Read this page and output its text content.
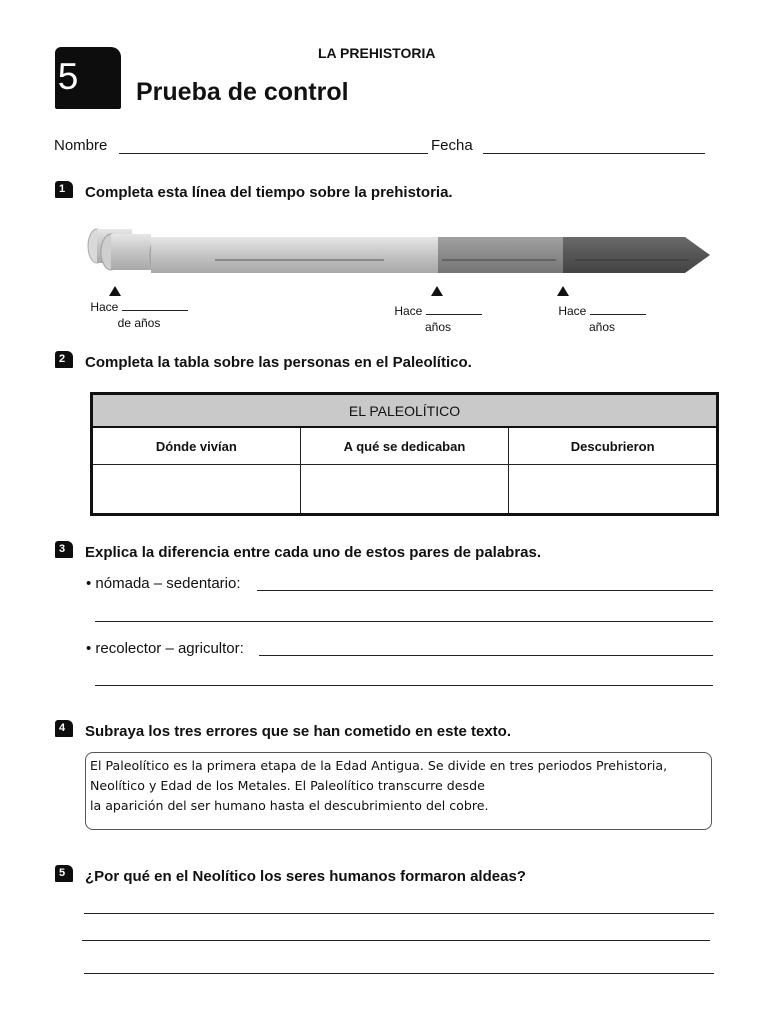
5
LA PREHISTORIA
Prueba de control
Nombre	Fecha
1	Completa esta línea del tiempo sobre la prehistoria.
Hace
de años
Hace
años
Hace
años
2	Completa la tabla sobre las personas en el Paleolítico.
EL PALEOLÍTICO		
Dónde vivían	A qué se dedicaban	Descubrieron

3	Explica la diferencia entre cada uno de estos pares de palabras.
• nómada – sedentario:
• recolector – agricultor:
4	Subraya los tres errores que se han cometido en este texto.
El Paleolítico es la primera etapa de la Edad Antigua. Se divide en tres periodos Prehistoria,
Neolítico y Edad de los Metales. El Paleolítico transcurre desde
la aparición del ser humano hasta el descubrimiento del cobre.
5	¿Por qué en el Neolítico los seres humanos formaron aldeas?
